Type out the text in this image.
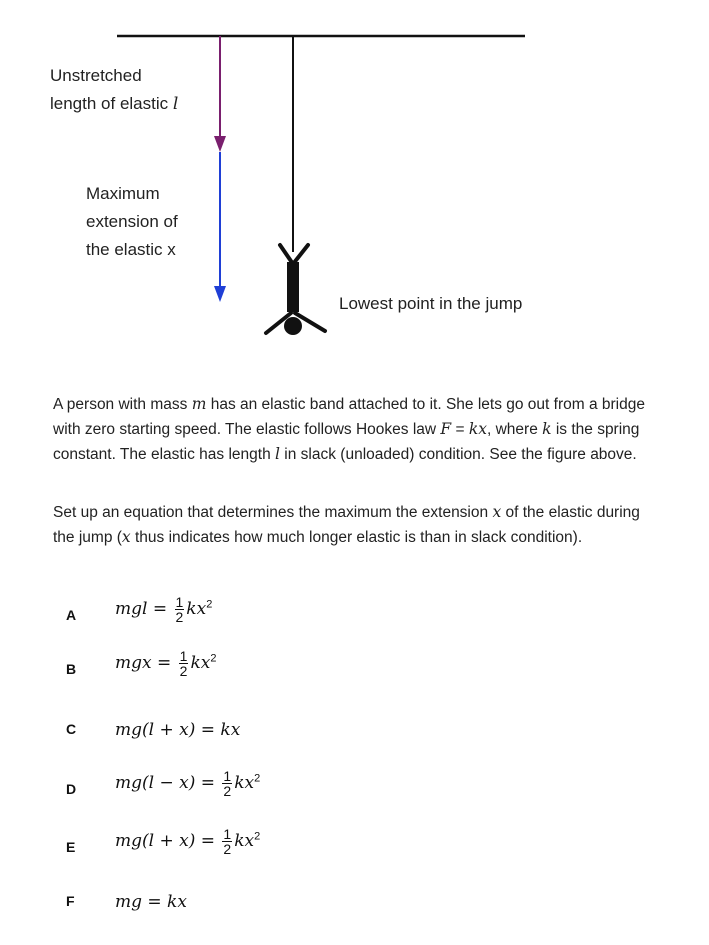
Unstretched
length of elastic l
Maximum
extension of
the elastic x
Lowest point in the jump
A person with mass m has an elastic band attached to it. She lets go out from a bridge with zero starting speed. The elastic follows Hookes law F = kx, where k is the spring constant. The elastic has length l in slack (unloaded) condition. See the figure above.
Set up an equation that determines the maximum the extension x of the elastic during the jump (x thus indicates how much longer elastic is than in slack condition).
A mgl = $\frac{1}{2} kx^2$
B mgx = $\frac{1}{2} kx^2$
C mg(l + x) = kx
D $mg(l - x) = \frac{1}{2} kx^2$
E $mg(l + x) = \frac{1}{2} kx^2$
F mg = kx
